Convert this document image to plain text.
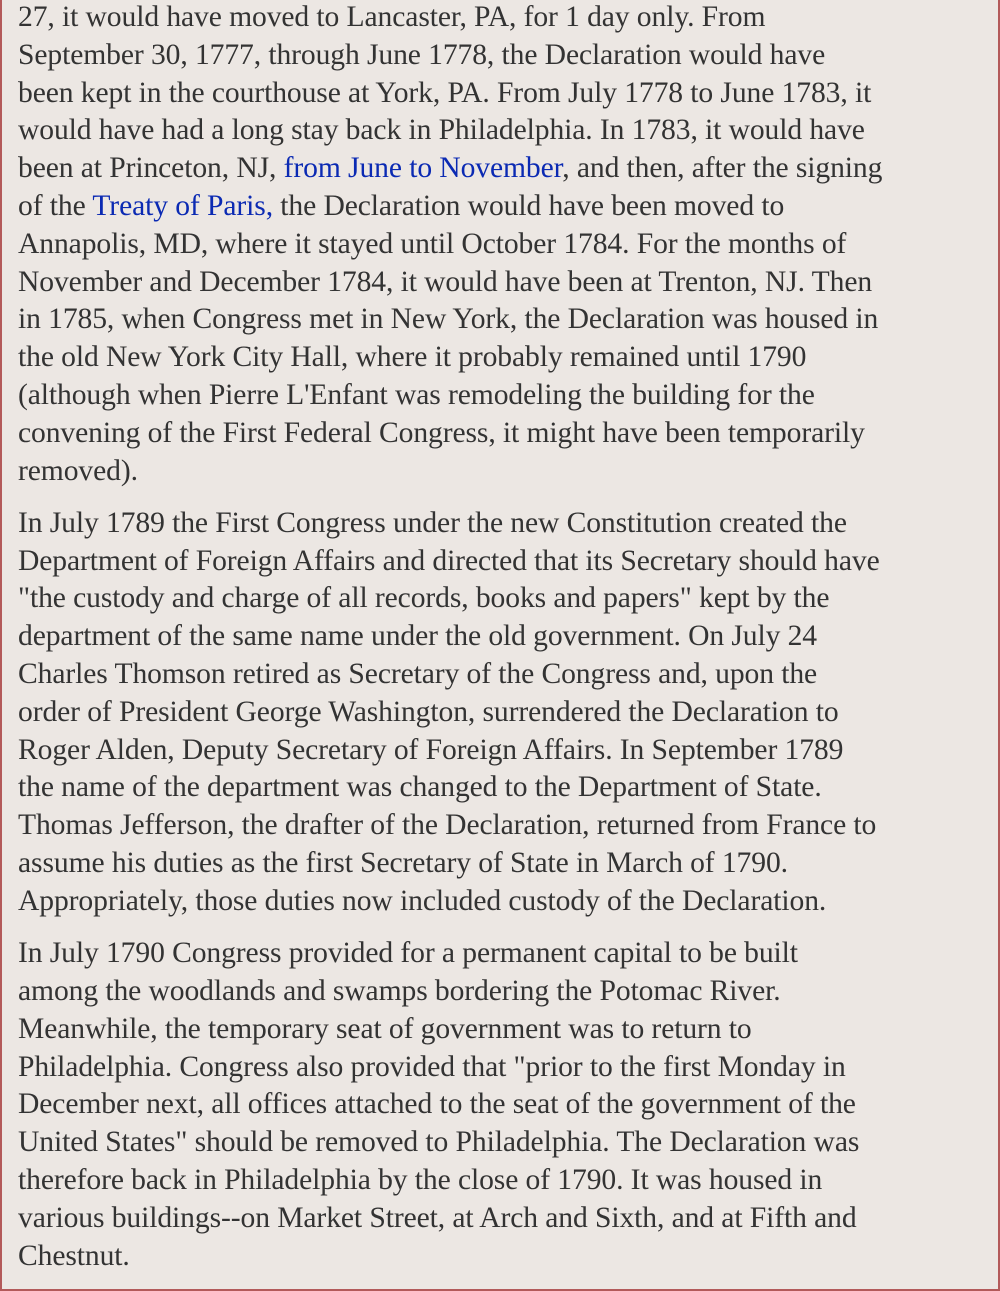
27, it would have moved to Lancaster, PA, for 1 day only. From
September 30, 1777, through June 1778, the Declaration would have
been kept in the courthouse at York, PA. From July 1778 to June 1783, it
would have had a long stay back in Philadelphia. In 1783, it would have
been at Princeton, NJ, from June to November, and then, after the signing
of the Treaty of Paris, the Declaration would have been moved to
Annapolis, MD, where it stayed until October 1784. For the months of
November and December 1784, it would have been at Trenton, NJ. Then
in 1785, when Congress met in New York, the Declaration was housed in
the old New York City Hall, where it probably remained until 1790
(although when Pierre L'Enfant was remodeling the building for the
convening of the First Federal Congress, it might have been temporarily
removed).

In July 1789 the First Congress under the new Constitution created the
Department of Foreign Affairs and directed that its Secretary should have
"the custody and charge of all records, books and papers" kept by the
department of the same name under the old government. On July 24
Charles Thomson retired as Secretary of the Congress and, upon the
order of President George Washington, surrendered the Declaration to
Roger Alden, Deputy Secretary of Foreign Affairs. In September 1789
the name of the department was changed to the Department of State.
Thomas Jefferson, the drafter of the Declaration, returned from France to
assume his duties as the first Secretary of State in March of 1790.
Appropriately, those duties now included custody of the Declaration.

In July 1790 Congress provided for a permanent capital to be built
among the woodlands and swamps bordering the Potomac River.
Meanwhile, the temporary seat of government was to return to
Philadelphia. Congress also provided that "prior to the first Monday in
December next, all offices attached to the seat of the government of the
United States" should be removed to Philadelphia. The Declaration was
therefore back in Philadelphia by the close of 1790. It was housed in
various buildings--on Market Street, at Arch and Sixth, and at Fifth and
Chestnut.
